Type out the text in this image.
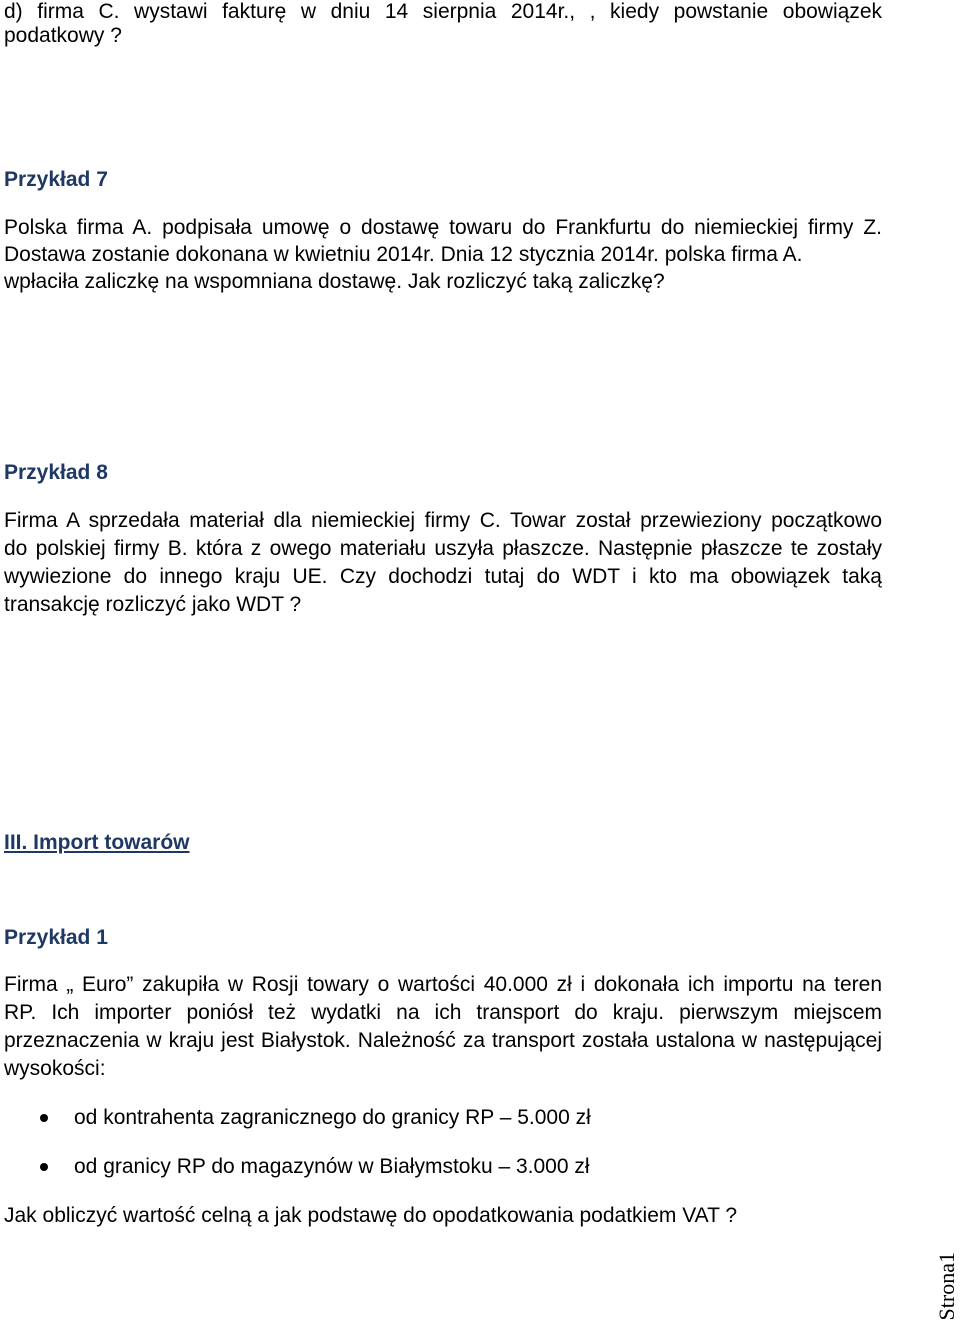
d) firma C. wystawi fakturę w dniu 14 sierpnia 2014r., , kiedy powstanie obowiązek
podatkowy ?
Przykład 7
Polska firma A. podpisała umowę o dostawę towaru do Frankfurtu do niemieckiej firmy Z.
Dostawa zostanie dokonana w kwietniu 2014r. Dnia 12 stycznia 2014r. polska firma A.
wpłaciła zaliczkę na wspomniana dostawę. Jak rozliczyć taką zaliczkę?
Przykład 8
Firma A sprzedała materiał dla niemieckiej firmy C. Towar został przewieziony początkowo
do polskiej firmy B. która z owego materiału uszyła płaszcze. Następnie płaszcze te zostały
wywiezione do innego kraju UE. Czy dochodzi tutaj do WDT i kto ma obowiązek taką
transakcję rozliczyć jako WDT ?
III. Import towarów
Przykład 1
Firma „ Euro” zakupiła w Rosji towary o wartości 40.000 zł i dokonała ich importu na teren
RP. Ich importer poniósł też wydatki na ich transport do kraju. pierwszym miejscem
przeznaczenia w kraju jest Białystok. Należność za transport została ustalona w następującej
wysokości:
od kontrahenta zagranicznego do granicy RP – 5.000 zł
od granicy RP do magazynów w Białymstoku – 3.000 zł
Jak obliczyć wartość celną a jak podstawę do opodatkowania podatkiem VAT ?
Strona1
